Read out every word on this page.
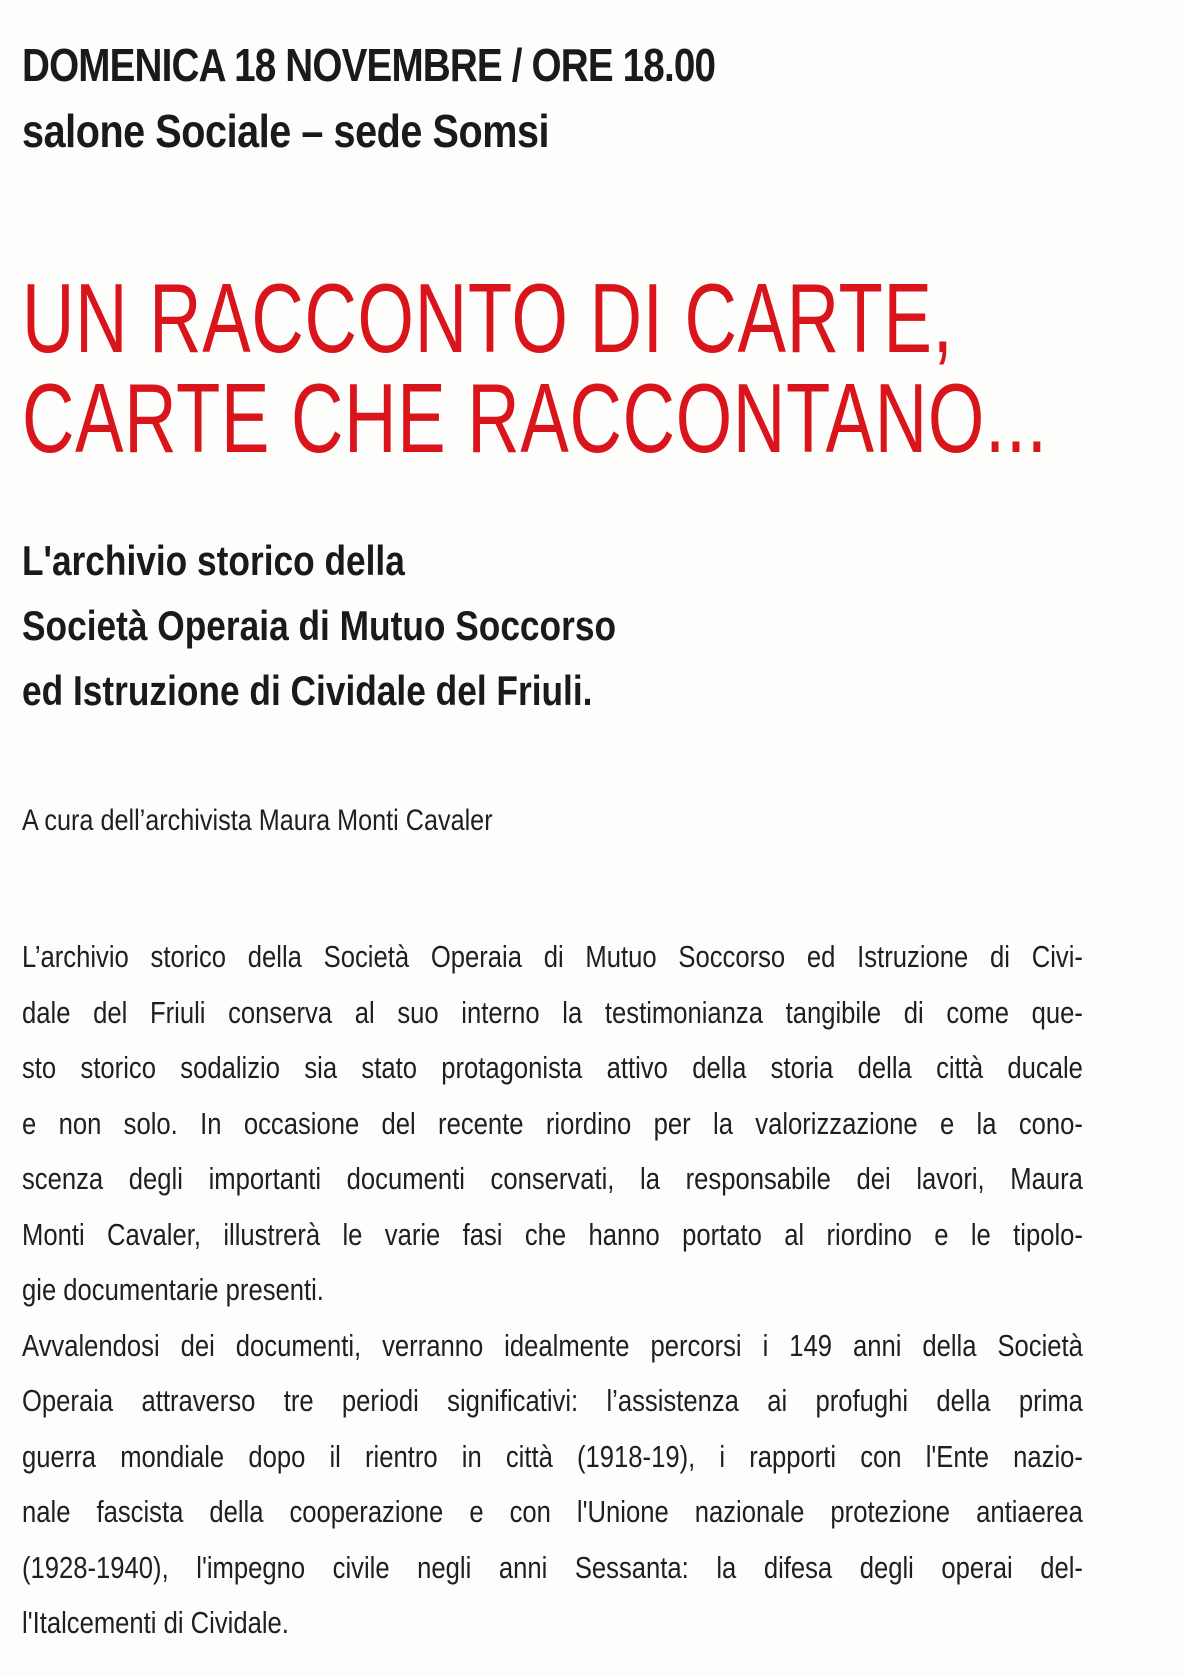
DOMENICA 18 NOVEMBRE / ORE 18.00
salone Sociale – sede Somsi
UN RACCONTO DI CARTE,
CARTE CHE RACCONTANO...
L'archivio storico della
Società Operaia di Mutuo Soccorso
ed Istruzione di Cividale del Friuli.
A cura dell’archivista Maura Monti Cavaler
L’archivio storico della Società Operaia di Mutuo Soccorso ed Istruzione di Civi-
dale del Friuli conserva al suo interno la testimonianza tangibile di come que-
sto storico sodalizio sia stato protagonista attivo della storia della città ducale
e non solo. In occasione del recente riordino per la valorizzazione e la cono-
scenza degli importanti documenti conservati, la responsabile dei lavori, Maura
Monti Cavaler, illustrerà le varie fasi che hanno portato al riordino e le tipolo-
gie documentarie presenti.
Avvalendosi dei documenti, verranno idealmente percorsi i 149 anni della Società
Operaia attraverso tre periodi significativi: l’assistenza ai profughi della prima
guerra mondiale dopo il rientro in città (1918-19), i rapporti con l'Ente nazio-
nale fascista della cooperazione e con l'Unione nazionale protezione antiaerea
(1928-1940), l'impegno civile negli anni Sessanta: la difesa degli operai del-
l'Italcementi di Cividale.
